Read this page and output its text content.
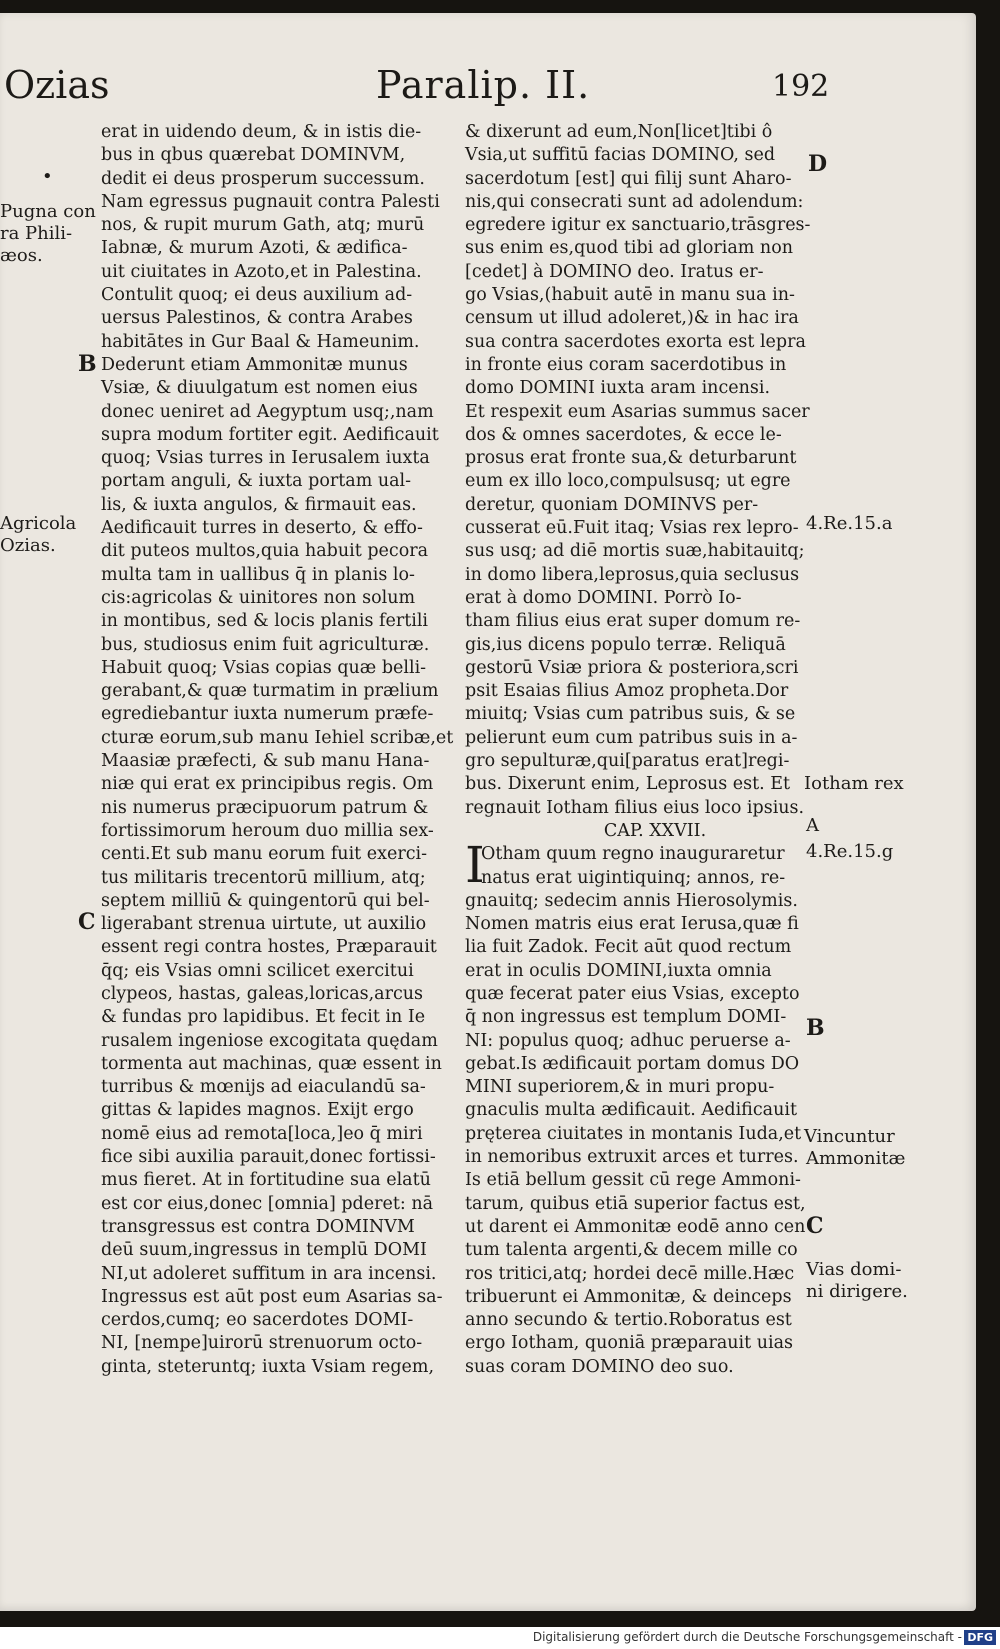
Ozias	Paralip. II.	192
erat in uidendo deum, & in istis die-
bus in qbus quærebat DOMINVM,
dedit ei deus prosperum successum.
Nam egressus pugnauit contra Palesti
nos, & rupit murum Gath, atq; murū
Iabnæ, & murum Azoti, & ædifica-
uit ciuitates in Azoto,et in Palestina.
Contulit quoq; ei deus auxilium ad-
uersus Palestinos, & contra Arabes
habitātes in Gur Baal & Hameunim.
Dederunt etiam Ammonitæ munus
Vsiæ, & diuulgatum est nomen eius
donec ueniret ad Aegyptum usq;,nam
supra modum fortiter egit. Aedificauit
quoq; Vsias turres in Ierusalem iuxta
portam anguli, & iuxta portam ual-
lis, & iuxta angulos, & firmauit eas.
Aedificauit turres in deserto, & effo-
dit puteos multos,quia habuit pecora
multa tam in uallibus q̄ in planis lo-
cis:agricolas & uinitores non solum
in montibus, sed & locis planis fertili
bus, studiosus enim fuit agriculturæ.
Habuit quoq; Vsias copias quæ belli-
gerabant,& quæ turmatim in prælium
egrediebantur iuxta numerum præfe-
cturæ eorum,sub manu Iehiel scribæ,et
Maasiæ præfecti, & sub manu Hana-
niæ qui erat ex principibus regis. Om
nis numerus præcipuorum patrum &
fortissimorum heroum duo millia sex-
centi.Et sub manu eorum fuit exerci-
tus militaris trecentorū millium, atq;
septem milliū & quingentorū qui bel-
ligerabant strenua uirtute, ut auxilio
essent regi contra hostes, Præparauit
q̄q; eis Vsias omni scilicet exercitui
clypeos, hastas, galeas,loricas,arcus
& fundas pro lapidibus. Et fecit in Ie
rusalem ingeniose excogitata quędam
tormenta aut machinas, quæ essent in
turribus & mœnijs ad eiaculandū sa-
gittas & lapides magnos. Exijt ergo
nomē eius ad remota[loca,]eo q̄ miri
fice sibi auxilia parauit,donec fortissi-
mus fieret. At in fortitudine sua elatū
est cor eius,donec [omnia] pderet: nā
transgressus est contra DOMINVM
deū suum,ingressus in templū DOMI
NI,ut adoleret suffitum in ara incensi.
Ingressus est aūt post eum Asarias sa-
cerdos,cumq; eo sacerdotes DOMI-
NI, [nempe]uirorū strenuorum octo-
ginta, steteruntq; iuxta Vsiam regem,
& dixerunt ad eum,Non[licet]tibi ô
Vsia,ut suffitū facias DOMINO, sed
sacerdotum [est] qui filij sunt Aharo-
nis,qui consecrati sunt ad adolendum:
egredere igitur ex sanctuario,trāsgres-
sus enim es,quod tibi ad gloriam non
[cedet] à DOMINO deo. Iratus er-
go Vsias,(habuit autē in manu sua in-
censum ut illud adoleret,)& in hac ira
sua contra sacerdotes exorta est lepra
in fronte eius coram sacerdotibus in
domo DOMINI iuxta aram incensi.
Et respexit eum Asarias summus sacer
dos & omnes sacerdotes, & ecce le-
prosus erat fronte sua,& deturbarunt
eum ex illo loco,compulsusq; ut egre
deretur, quoniam DOMINVS per-
cusserat eū.Fuit itaq; Vsias rex lepro-
sus usq; ad diē mortis suæ,habitauitq;
in domo libera,leprosus,quia seclusus
erat à domo DOMINI. Porrò Io-
tham filius eius erat super domum re-
gis,ius dicens populo terræ. Reliquā
gestorū Vsiæ priora & posteriora,scri
psit Esaias filius Amoz propheta.Dor
miuitq; Vsias cum patribus suis, & se
pelierunt eum cum patribus suis in a-
gro sepulturæ,qui[paratus erat]regi-
bus. Dixerunt enim, Leprosus est. Et
regnauit Iotham filius eius loco ipsius.
CAP. XXVII.
I
Otham quum regno inauguraretur
natus erat uigintiquinq; annos, re-
gnauitq; sedecim annis Hierosolymis.
Nomen matris eius erat Ierusa,quæ fi
lia fuit Zadok. Fecit aūt quod rectum
erat in oculis DOMINI,iuxta omnia
quæ fecerat pater eius Vsias, excepto
q̄ non ingressus est templum DOMI-
NI: populus quoq; adhuc peruerse a-
gebat.Is ædificauit portam domus DO
MINI superiorem,& in muri propu-
gnaculis multa ædificauit. Aedificauit
pręterea ciuitates in montanis Iuda,et
in nemoribus extruxit arces et turres.
Is etiā bellum gessit cū rege Ammoni-
tarum, quibus etiā superior factus est,
ut darent ei Ammonitæ eodē anno cen
tum talenta argenti,& decem mille co
ros tritici,atq; hordei decē mille.Hæc
tribuerunt ei Ammonitæ, & deinceps
anno secundo & tertio.Roboratus est
ergo Iotham, quoniā præparauit uias
suas coram DOMINO deo suo.
•
Pugna con
ra Phili-
æos.
B
Agricola
Ozias.
C
D
4.Re.15.a
Iotham rex
A
4.Re.15.g
B
Vincuntur
Ammonitæ
C
Vias domi-
ni dirigere.
Digitalisierung gefördert durch die Deutsche Forschungsgemeinschaft - DFG
